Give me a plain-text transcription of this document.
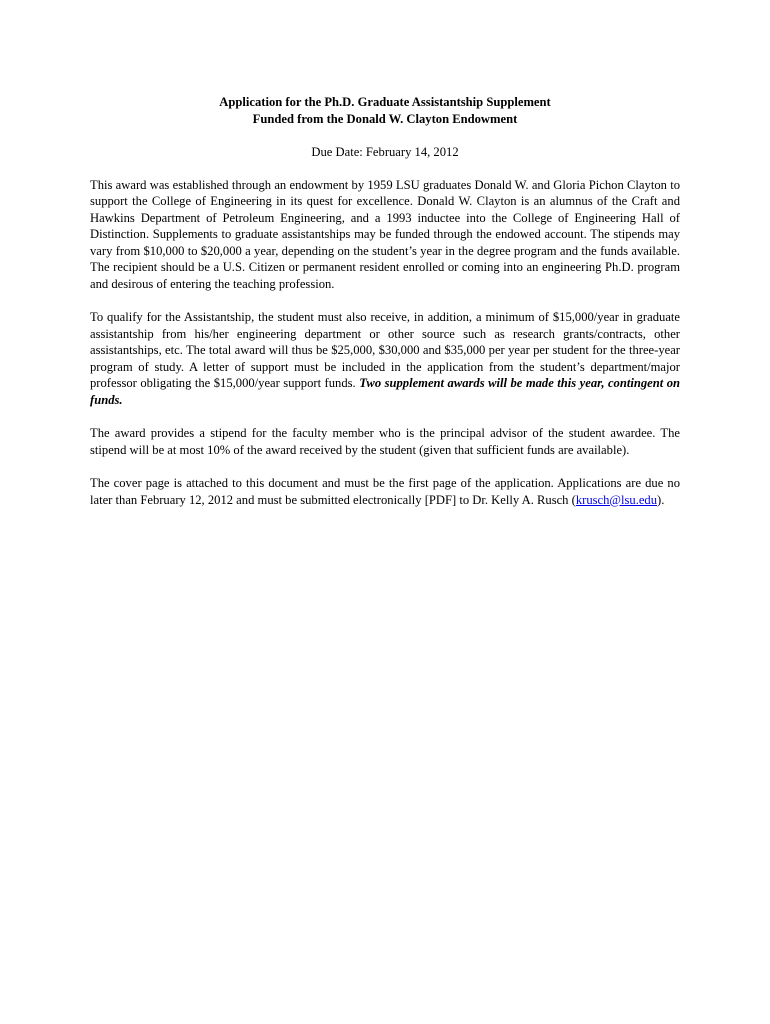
Application for the Ph.D. Graduate Assistantship Supplement

Funded from the Donald W. Clayton Endowment

Due Date: February 14, 2012

This award was established through an endowment by 1959 LSU graduates Donald W. and Gloria Pichon Clayton to support the College of Engineering in its quest for excellence. Donald W. Clayton is an alumnus of the Craft and Hawkins Department of Petroleum Engineering, and a 1993 inductee into the College of Engineering Hall of Distinction. Supplements to graduate assistantships may be funded through the endowed account. The stipends may vary from $10,000 to $20,000 a year, depending on the student’s year in the degree program and the funds available. The recipient should be a U.S. Citizen or permanent resident enrolled or coming into an engineering Ph.D. program and desirous of entering the teaching profession.

To qualify for the Assistantship, the student must also receive, in addition, a minimum of $15,000/year in graduate assistantship from his/her engineering department or other source such as research grants/contracts, other assistantships, etc. The total award will thus be $25,000, $30,000 and $35,000 per year per student for the three-year program of study. A letter of support must be included in the application from the student’s department/major professor obligating the $15,000/year support funds. Two supplement awards will be made this year, contingent on funds.

The award provides a stipend for the faculty member who is the principal advisor of the student awardee. The stipend will be at most 10% of the award received by the student (given that sufficient funds are available).

The cover page is attached to this document and must be the first page of the application. Applications are due no later than February 12, 2012 and must be submitted electronically [PDF] to Dr. Kelly A. Rusch (krusch@lsu.edu).
